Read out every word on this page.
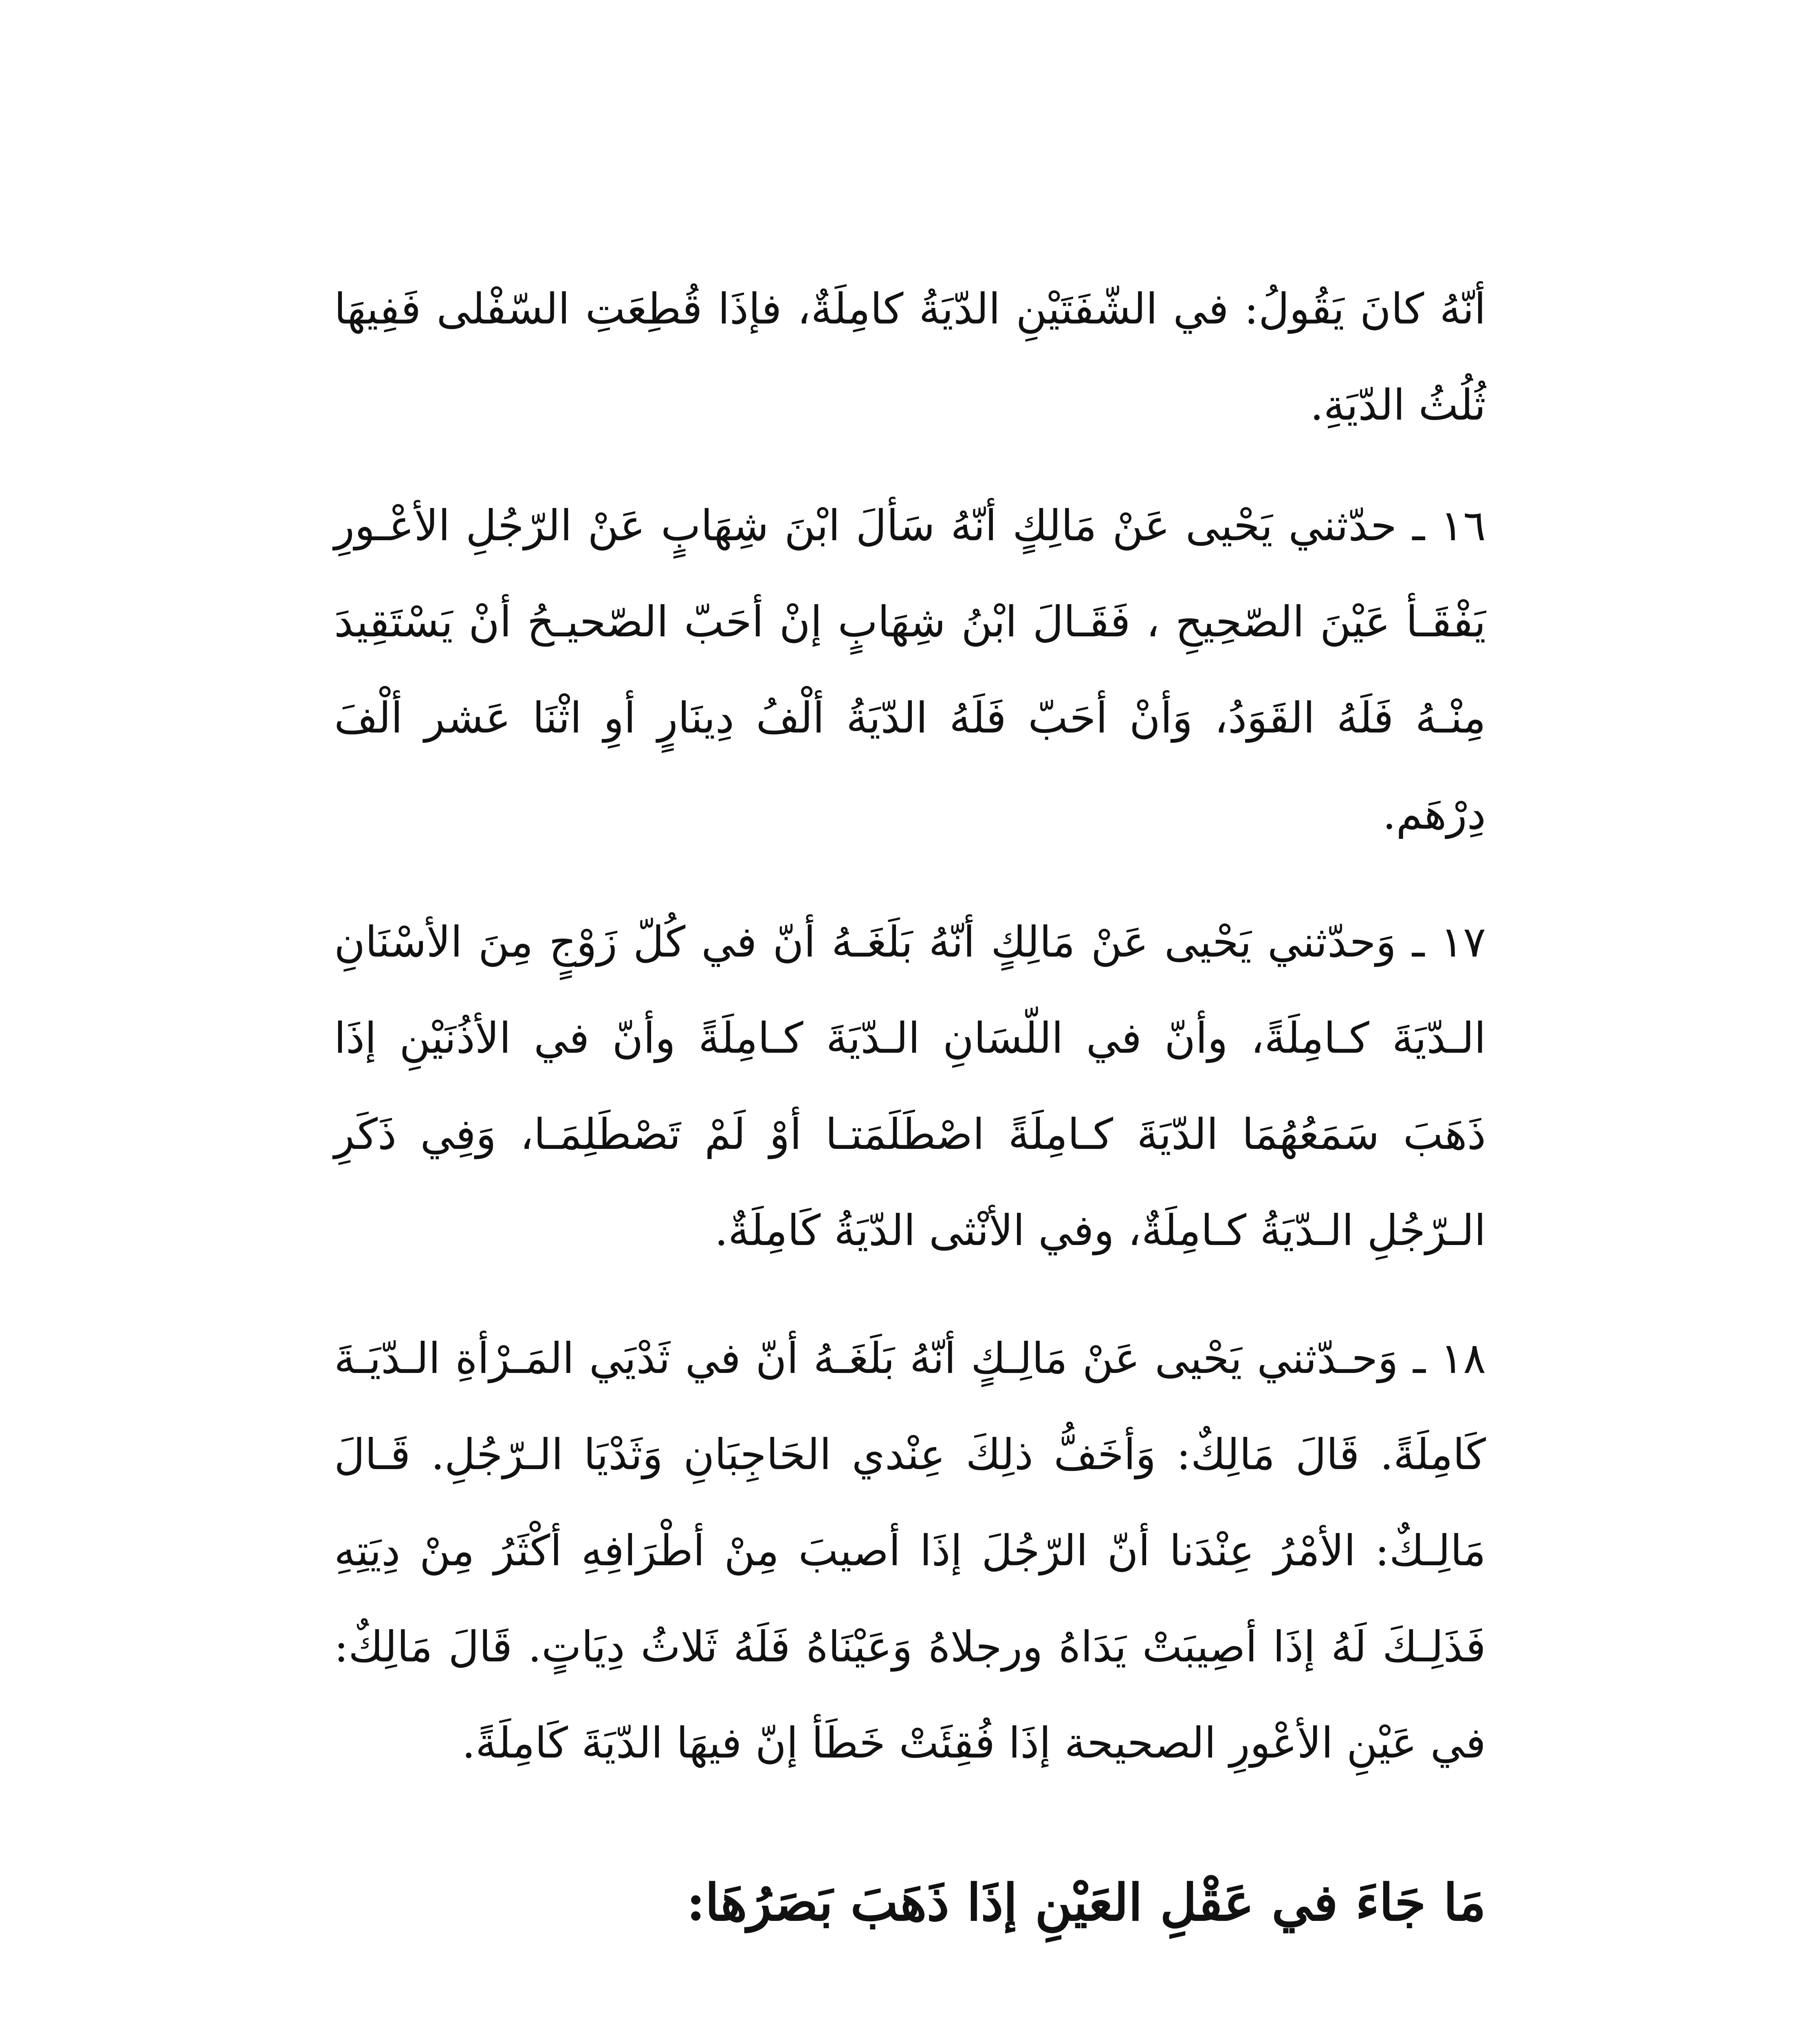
أنّهُ كانَ يَقُولُ: في الشّفَتَيْنِ الدّيَةُ كامِلَةٌ، فإذَا قُطِعَتِ السّفْلى فَفِيهَا ثُلُثُ الدّيَةِ.

١٦ ـ حدّثني يَحْيى عَنْ مَالِكٍ أنّهُ سَألَ ابْنَ شِهَابٍ عَنْ الرّجُلِ الأعْـورِ يَفْقَـأ عَيْنَ الصّحِيحِ ، فَقَـالَ ابْنُ شِهَابٍ إنْ أحَبّ الصّحيـحُ أنْ يَسْتَقِيدَ مِنْـهُ فَلَهُ القَوَدُ، وَأنْ أحَبّ فَلَهُ الدّيَةُ ألْفُ دِينَارٍ أوِ اثْنَا عَشر ألْفَ دِرْهَم.

١٧ ـ وَحدّثني يَحْيى عَنْ مَالِكٍ أنّهُ بَلَغَـهُ أنّ في كُلّ زَوْجٍ مِنَ الأسْنَانِ الـدّيَةَ كـامِلَةً، وأنّ في اللّسَانِ الـدّيَةَ كـامِلَةً وأنّ في الأذُنَيْنِ إذَا ذَهَبَ سَمَعُهُمَا الدّيَةَ كـامِلَةً اصْطَلَمَتـا أوْ لَمْ تَصْطَلِمَـا، وَفِي ذَكَرِ الـرّجُلِ الـدّيَةُ كـامِلَةٌ، وفي الأنْثى الدّيَةُ كَامِلَةٌ.

١٨ ـ وَحـدّثني يَحْيى عَنْ مَالِـكٍ أنّهُ بَلَغَـهُ أنّ في ثَدْيَي المَـرْأةِ الـدّيَـةَ كَامِلَةً. قَالَ مَالِكٌ: وَأخَفُّ ذلِكَ عِنْدي الحَاجِبَانِ وَثَدْيَا الـرّجُلِ. قَـالَ مَالِـكٌ: الأمْرُ عِنْدَنا أنّ الرّجُلَ إذَا أصيبَ مِنْ أطْرَافِهِ أكْثَرُ مِنْ دِيَتِهِ فَذَلِـكَ لَهُ إذَا أصِيبَتْ يَدَاهُ ورجلاهُ وَعَيْنَاهُ فَلَهُ ثَلاثُ دِيَاتٍ. قَالَ مَالِكٌ: في عَيْنِ الأعْورِ الصحيحة إذَا فُقِئَتْ خَطَأ إنّ فيهَا الدّيَةَ كَامِلَةً.

مَا جَاءَ في عَقْلِ العَيْنِ إذَا ذَهَبَ بَصَرُهَا:
